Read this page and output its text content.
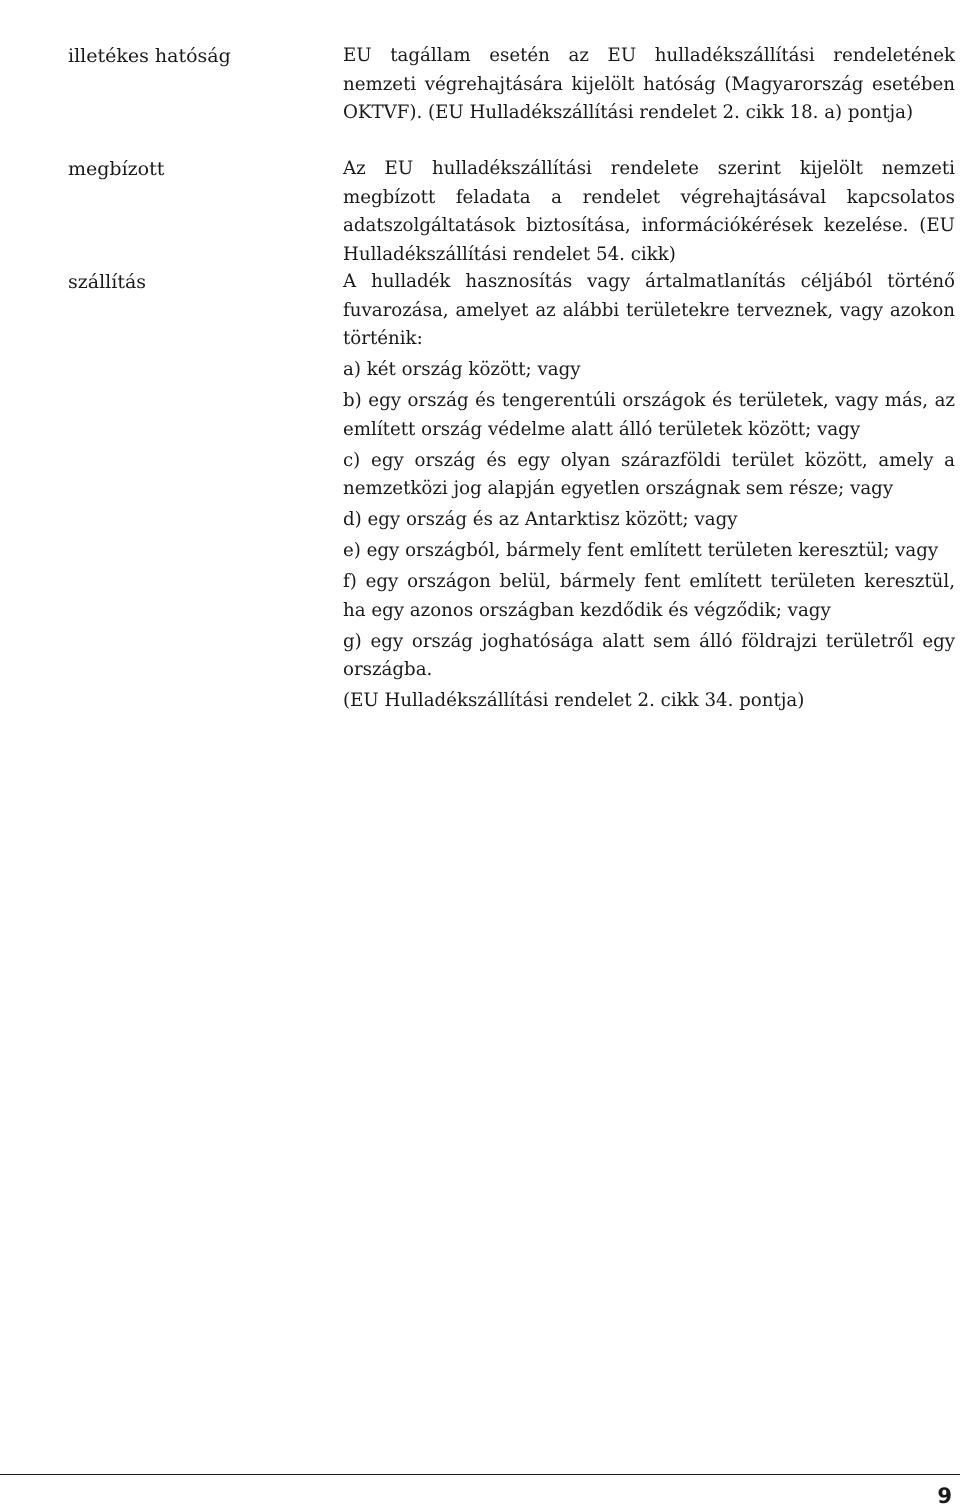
illetékes hatóság	EU tagállam esetén az EU hulladékszállítási rendeletének nemzeti végrehajtására kijelölt hatóság (Magyarország esetében OKTVF). (EU Hulladékszállítási rendelet 2. cikk 18. a) pontja)

megbízott	Az EU hulladékszállítási rendelete szerint kijelölt nemzeti megbízott feladata a rendelet végrehajtásával kapcsolatos adatszolgáltatások biztosítása, információkérések kezelése. (EU Hulladékszállítási rendelet 54. cikk)

szállítás	A hulladék hasznosítás vagy ártalmatlanítás céljából történő fuvarozása, amelyet az alábbi területekre terveznek, vagy azokon történik:

a) két ország között; vagy

b) egy ország és tengerentúli országok és területek, vagy más, az említett ország védelme alatt álló területek között; vagy

c) egy ország és egy olyan szárazföldi terület között, amely a nemzetközi jog alapján egyetlen országnak sem része; vagy

d) egy ország és az Antarktisz között; vagy

e) egy országból, bármely fent említett területen keresztül; vagy

f) egy országon belül, bármely fent említett területen keresztül, ha egy azonos országban kezdődik és végződik; vagy

g) egy ország joghatósága alatt sem álló földrajzi területről egy országba.

(EU Hulladékszállítási rendelet 2. cikk 34. pontja)

9
